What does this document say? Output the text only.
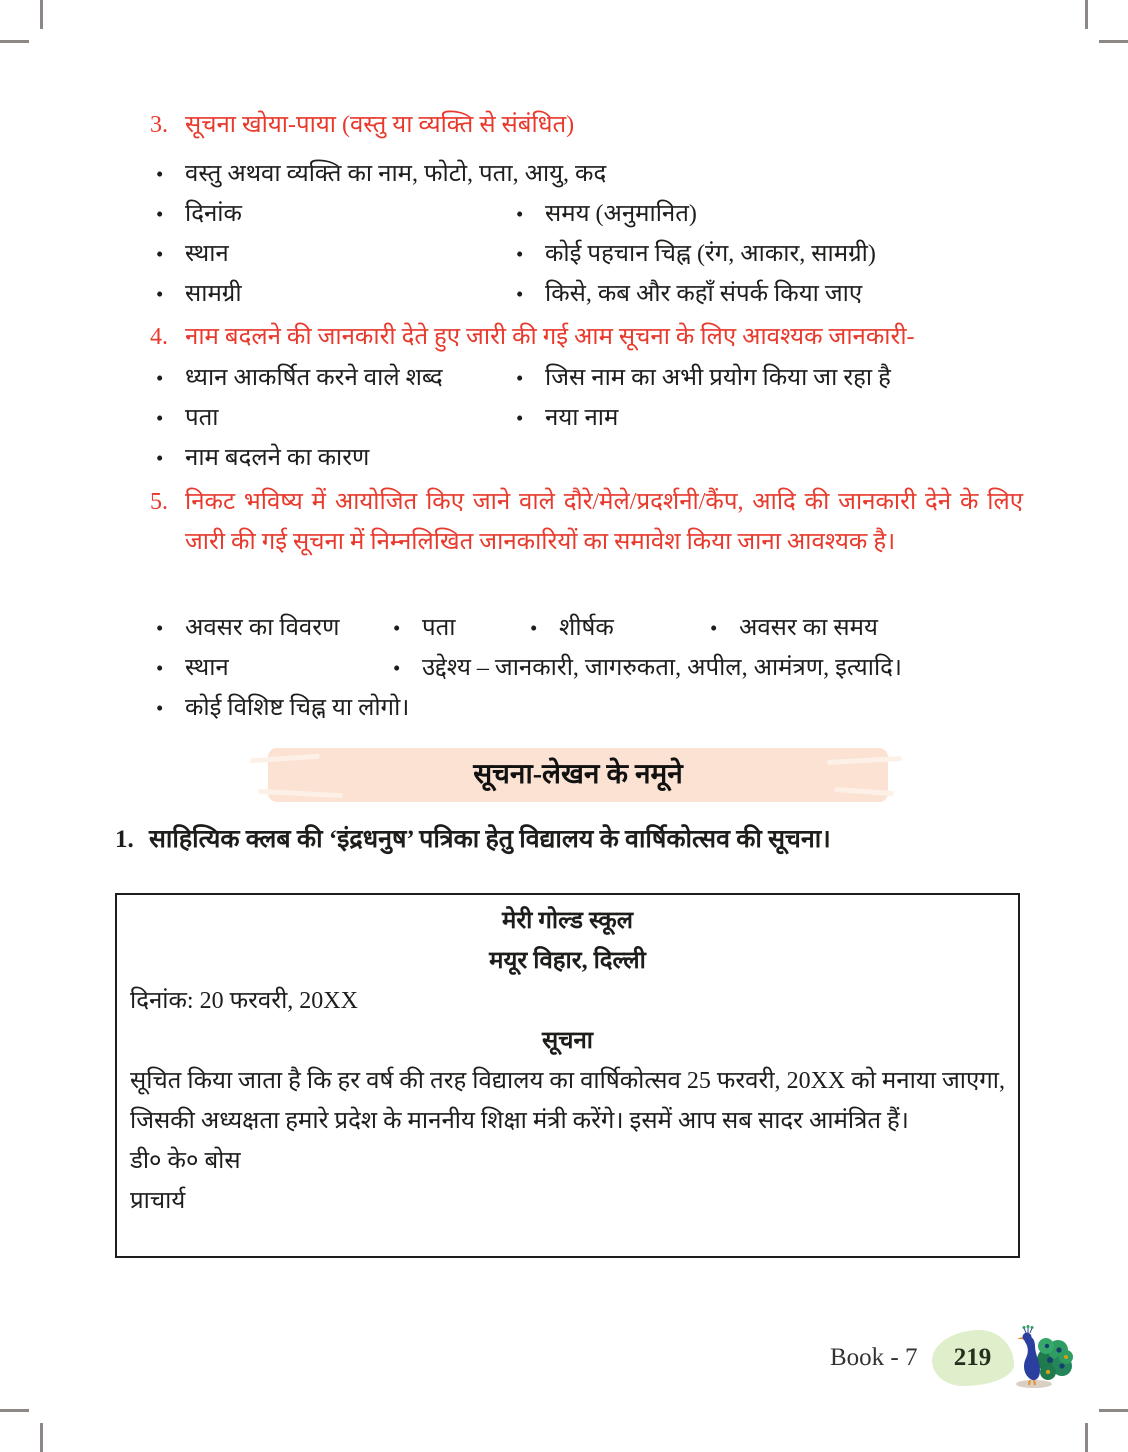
3. सूचना खोया-पाया (वस्तु या व्यक्ति से संबंधित)

• वस्तु अथवा व्यक्ति का नाम, फोटो, पता, आयु, कद
• दिनांक	• समय (अनुमानित)
• स्थान	• कोई पहचान चिह्न (रंग, आकार, सामग्री)
• सामग्री	• किसे, कब और कहाँ संपर्क किया जाए
4. नाम बदलने की जानकारी देते हुए जारी की गई आम सूचना के लिए आवश्यक जानकारी-

• ध्यान आकर्षित करने वाले शब्द	• जिस नाम का अभी प्रयोग किया जा रहा है
• पता	• नया नाम
• नाम बदलने का कारण
5. निकट भविष्य में आयोजित किए जाने वाले दौरे/मेले/प्रदर्शनी/कैंप, आदि की जानकारी देने के लिए जारी की गई सूचना में निम्नलिखित जानकारियों का समावेश किया जाना आवश्यक है।

• अवसर का विवरण	• पता	• शीर्षक	• अवसर का समय
• स्थान	• उद्देश्य – जानकारी, जागरुकता, अपील, आमंत्रण, इत्यादि।
• कोई विशिष्ट चिह्न या लोगो।
सूचना-लेखन के नमूने
1. साहित्यिक क्लब की ‘इंद्रधनुष’ पत्रिका हेतु विद्यालय के वार्षिकोत्सव की सूचना।
मेरी गोल्ड स्कूल
मयूर विहार, दिल्ली
दिनांक: 20 फरवरी, 20XX
सूचना

सूचित किया जाता है कि हर वर्ष की तरह विद्यालय का वार्षिकोत्सव 25 फरवरी, 20XX को मनाया जाएगा, जिसकी अध्यक्षता हमारे प्रदेश के माननीय शिक्षा मंत्री करेंगे। इसमें आप सब सादर आमंत्रित हैं।

डी० के० बोस
प्राचार्य
Book - 7 219
